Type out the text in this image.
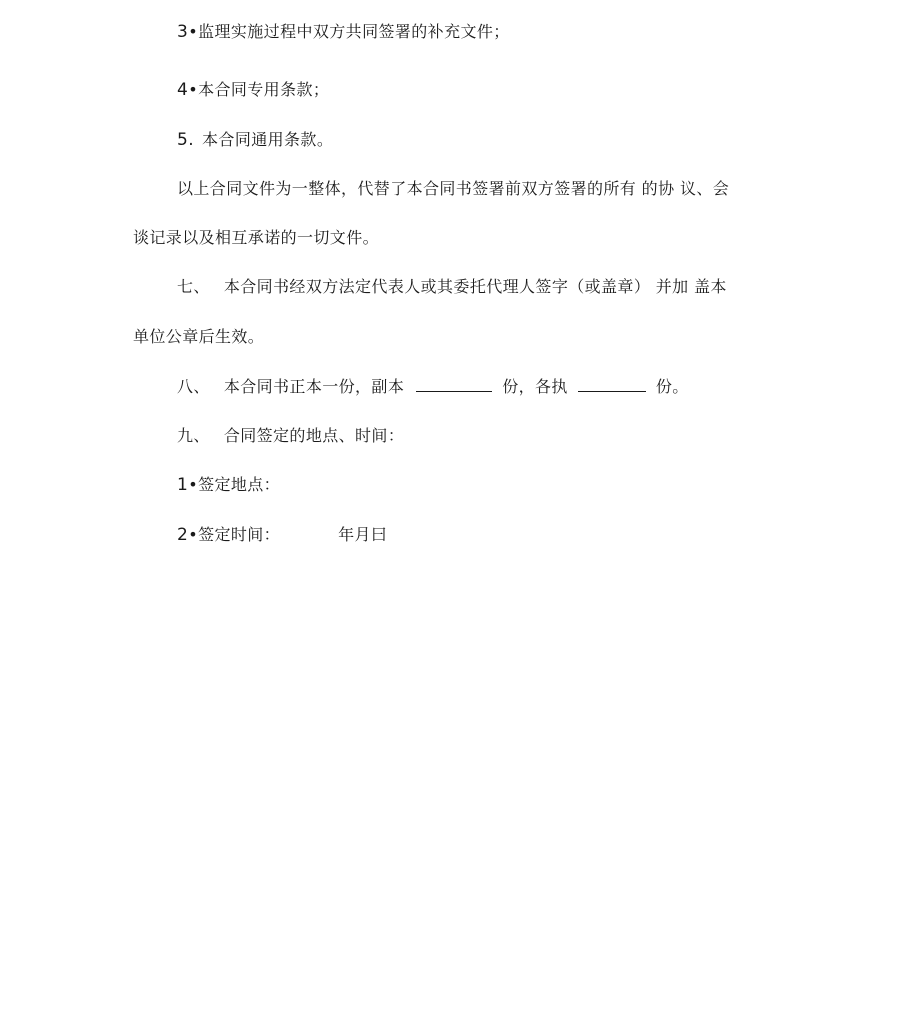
3•监理实施过程中双方共同签署的补充文件；
4•本合同专用条款；
5. 本合同通用条款。
以上合同文件为一整体，代替了本合同书签署前双方签署的所有 的协 议、会
谈记录以及相互承诺的一切文件。
七、 本合同书经双方法定代表人或其委托代理人签字（或盖章） 并加 盖本
单位公章后生效。
八、 本合同书正本一份，副本	份，各执	份。
九、 合同签定的地点、时间：
1•签定地点：
2•签定时间：	年月曰
